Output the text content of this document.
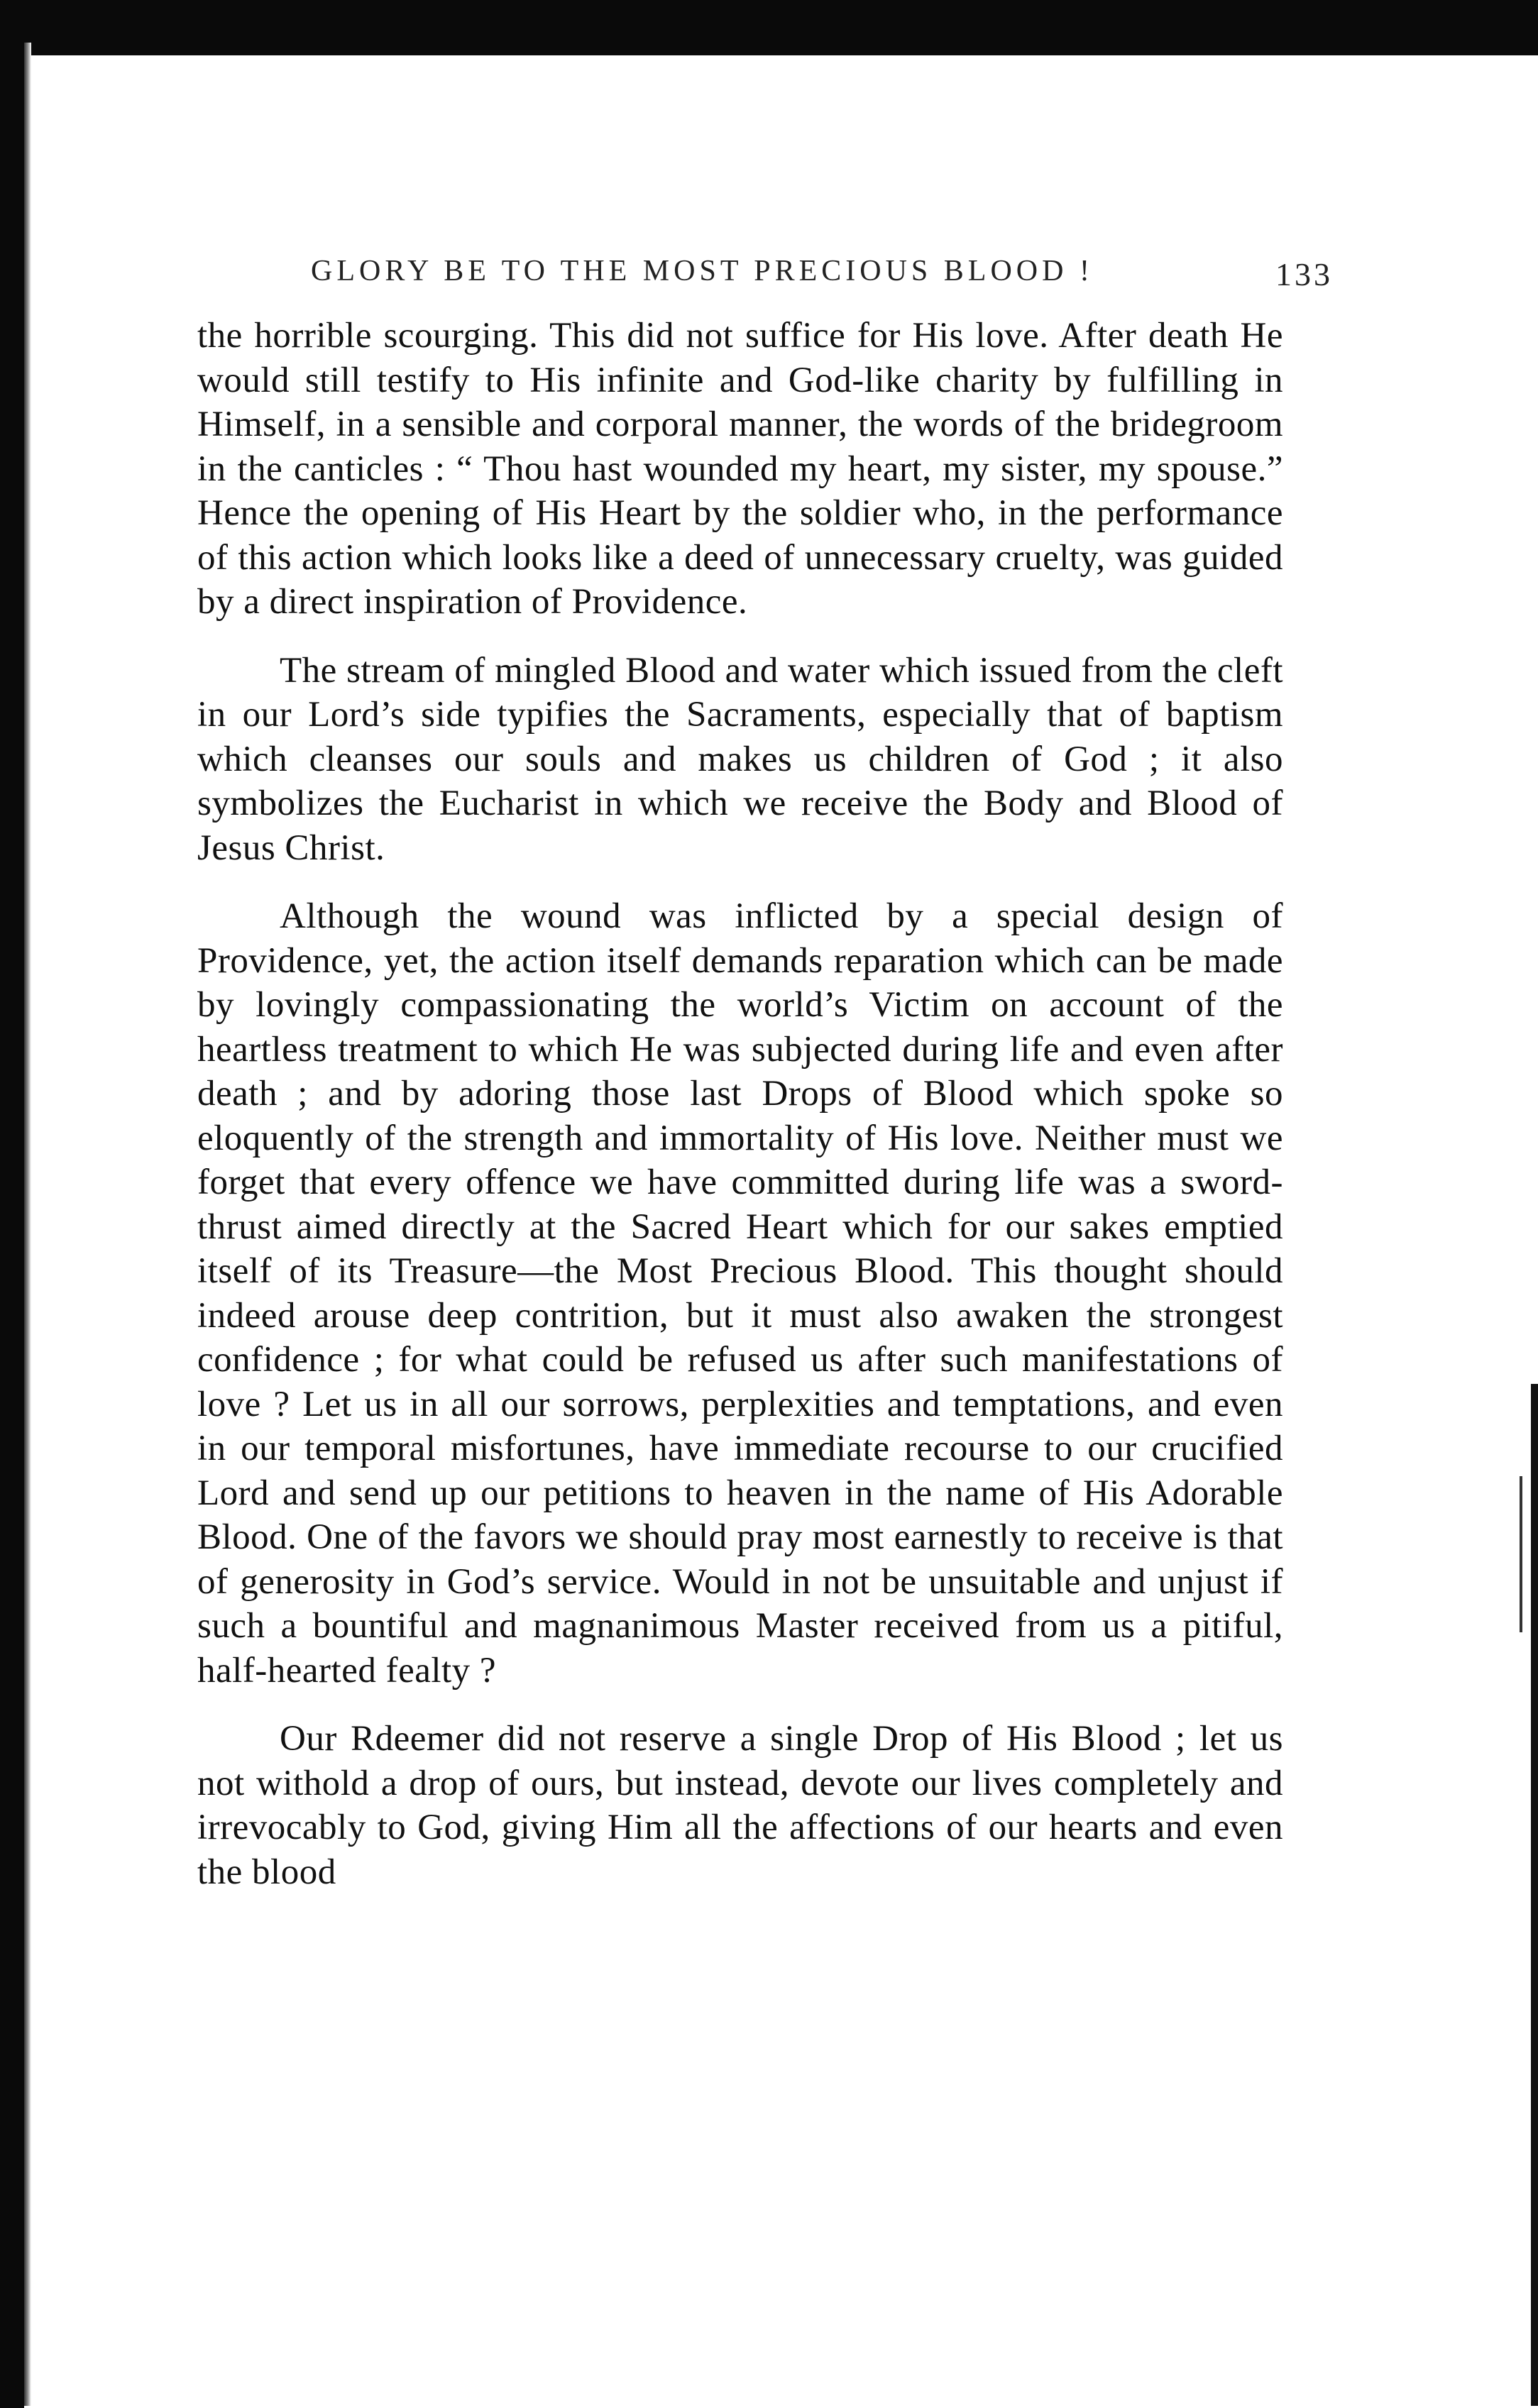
GLORY BE TO THE MOST PRECIOUS BLOOD !	133

the horrible scourging. This did not suffice for His love. After death He would still testify to His infinite and God-like charity by fulfilling in Himself, in a sensible and corporal manner, the words of the bridegroom in the canticles : “ Thou hast wounded my heart, my sister, my spouse.” Hence the opening of His Heart by the soldier who, in the performance of this action which looks like a deed of unnecessary cruelty, was guided by a direct inspiration of Providence.

The stream of mingled Blood and water which issued from the cleft in our Lord’s side typifies the Sacraments, especially that of baptism which cleanses our souls and makes us children of God ; it also symbolizes the Eucharist in which we receive the Body and Blood of Jesus Christ.

Although the wound was inflicted by a special design of Providence, yet, the action itself demands reparation which can be made by lovingly compassionating the world’s Victim on account of the heartless treatment to which He was subjected during life and even after death ; and by adoring those last Drops of Blood which spoke so eloquently of the strength and immortality of His love. Neither must we forget that every offence we have committed during life was a sword-thrust aimed directly at the Sacred Heart which for our sakes emptied itself of its Treasure—the Most Precious Blood. This thought should indeed arouse deep contrition, but it must also awaken the strongest confidence ; for what could be refused us after such manifestations of love ? Let us in all our sorrows, perplexities and temptations, and even in our temporal misfortunes, have immediate recourse to our crucified Lord and send up our petitions to heaven in the name of His Adorable Blood. One of the favors we should pray most earnestly to receive is that of generosity in God’s service. Would in not be unsuitable and unjust if such a bountiful and magnanimous Master received from us a pitiful, half-hearted fealty ?

Our Rdeemer did not reserve a single Drop of His Blood ; let us not withold a drop of ours, but instead, devote our lives completely and irrevocably to God, giving Him all the affections of our hearts and even the blood
